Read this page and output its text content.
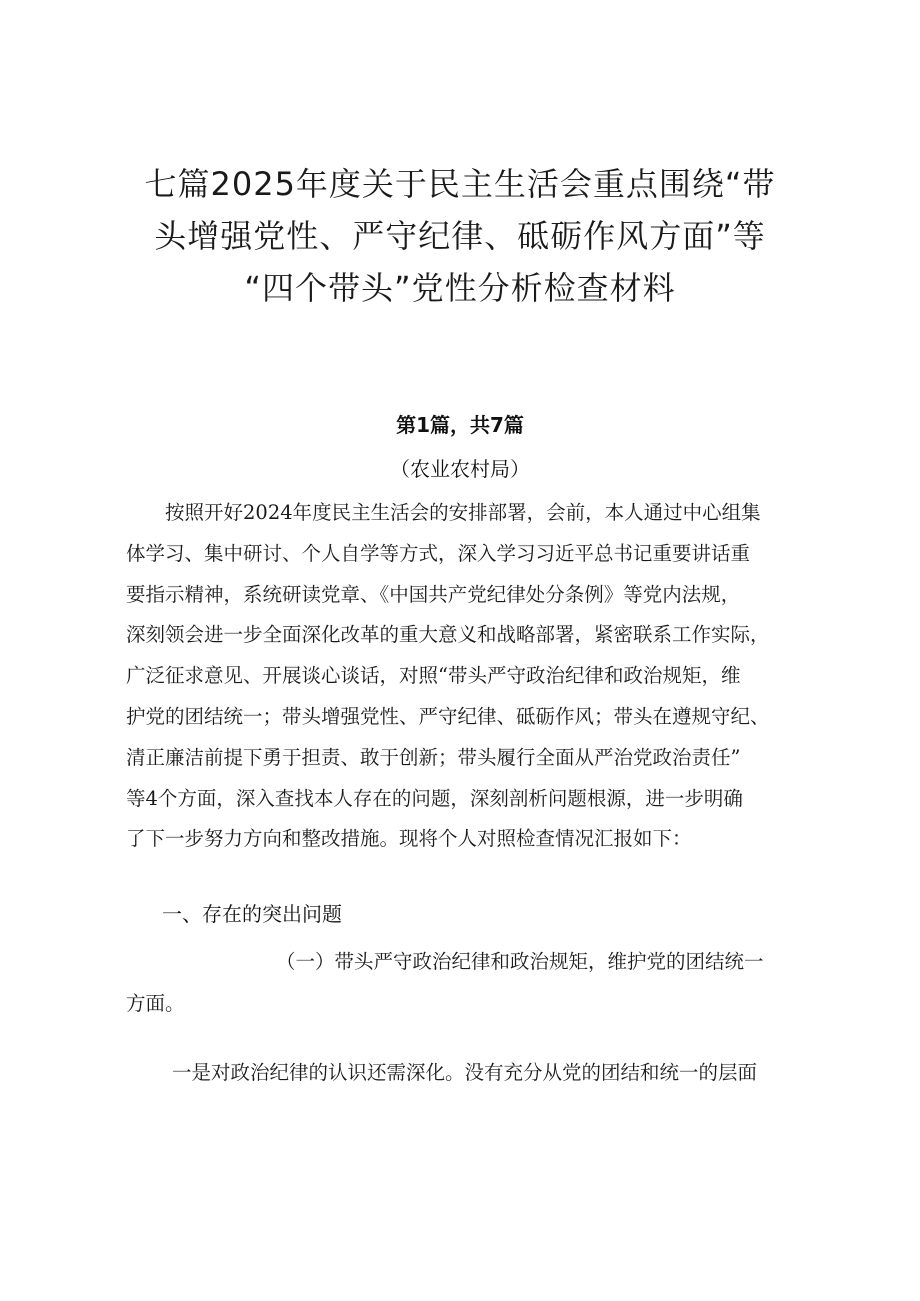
七篇2025年度关于民主生活会重点围绕“带
头增强党性、严守纪律、砥砺作风方面”等
“四个带头”党性分析检查材料
第1篇，共7篇
（农业农村局）
　　按照开好2024年度民主生活会的安排部署，会前，本人通过中心组集
体学习、集中研讨、个人自学等方式，深入学习习近平总书记重要讲话重
要指示精神，系统研读党章、《中国共产党纪律处分条例》等党内法规，
深刻领会进一步全面深化改革的重大意义和战略部署，紧密联系工作实际，
广泛征求意见、开展谈心谈话，对照“带头严守政治纪律和政治规矩，维
护党的团结统一；带头增强党性、严守纪律、砥砺作风；带头在遵规守纪、
清正廉洁前提下勇于担责、敢于创新；带头履行全面从严治党政治责任”
等4个方面，深入查找本人存在的问题，深刻剖析问题根源，进一步明确
了下一步努力方向和整改措施。现将个人对照检查情况汇报如下：
一、存在的突出问题
（一）带头严守政治纪律和政治规矩，维护党的团结统一
方面。
一是对政治纪律的认识还需深化。没有充分从党的团结和统一的层面
